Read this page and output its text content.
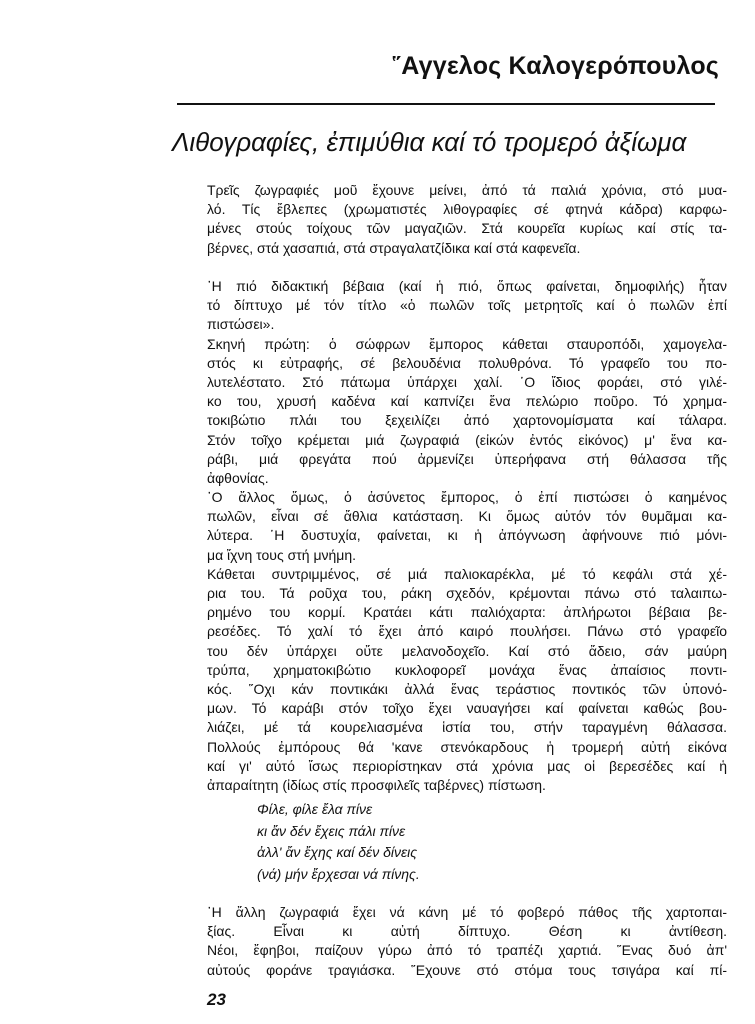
῞Αγγελος Καλογερόπουλος
Λιθογραφίες, ἐπιμύθια καί τό τρομερό ἀξίωμα
Τρεῖς ζωγραφιές μοῦ ἔχουνε μείνει, ἀπό τά παλιά χρόνια, στό μυα-
λό. Τίς ἔβλεπες (χρωματιστές λιθογραφίες σέ φτηνά κάδρα) καρφω-
μένες στούς τοίχους τῶν μαγαζιῶν. Στά κουρεῖα κυρίως καί στίς τα-
βέρνες, στά χασαπιά, στά στραγαλατζίδικα καί στά καφενεῖα.
῾Η πιό διδακτική βέβαια (καί ἡ πιό, ὅπως φαίνεται, δημοφιλής) ἦταν
τό δίπτυχο μέ τόν τίτλο «ὁ πωλῶν τοῖς μετρητοῖς καί ὁ πωλῶν ἐπί
πιστώσει».
Σκηνή πρώτη: ὁ σώφρων ἔμπορος κάθεται σταυροπόδι, χαμογελα-
στός κι εὐτραφής, σέ βελουδένια πολυθρόνα. Τό γραφεῖο του πο-
λυτελέστατο. Στό πάτωμα ὑπάρχει χαλί. ῾Ο ἴδιος φοράει, στό γιλέ-
κο του, χρυσή καδένα καί καπνίζει ἕνα πελώριο ποῦρο. Τό χρημα-
τοκιβώτιο πλάι του ξεχειλίζει ἀπό χαρτονομίσματα καί τάλαρα.
Στόν τοῖχο κρέμεται μιά ζωγραφιά (εἰκών ἐντός εἰκόνος) μ' ἕνα κα-
ράβι, μιά φρεγάτα πού ἀρμενίζει ὑπερήφανα στή θάλασσα τῆς
ἀφθονίας.
῾Ο ἄλλος ὅμως, ὁ ἀσύνετος ἔμπορος, ὁ ἐπί πιστώσει ὁ καημένος
πωλῶν, εἶναι σέ ἄθλια κατάσταση. Κι ὅμως αὐτόν τόν θυμᾶμαι κα-
λύτερα. ῾Η δυστυχία, φαίνεται, κι ἡ ἀπόγνωση ἀφήνουνε πιό μόνι-
μα ἴχνη τους στή μνήμη.
Κάθεται συντριμμένος, σέ μιά παλιοκαρέκλα, μέ τό κεφάλι στά χέ-
ρια του. Τά ροῦχα του, ράκη σχεδόν, κρέμονται πάνω στό ταλαιπω-
ρημένο του κορμί. Κρατάει κάτι παλιόχαρτα: ἀπλήρωτοι βέβαια βε-
ρεσέδες. Τό χαλί τό ἔχει ἀπό καιρό πουλήσει. Πάνω στό γραφεῖο
του δέν ὑπάρχει οὔτε μελανοδοχεῖο. Καί στό ἄδειο, σάν μαύρη
τρύπα, χρηματοκιβώτιο κυκλοφορεῖ μονάχα ἕνας ἀπαίσιος ποντι-
κός. ῞Οχι κάν ποντικάκι ἀλλά ἕνας τεράστιος ποντικός τῶν ὑπονό-
μων. Τό καράβι στόν τοῖχο ἔχει ναυαγήσει καί φαίνεται καθώς βου-
λιάζει, μέ τά κουρελιασμένα ἱστία του, στήν ταραγμένη θάλασσα.
Πολλούς ἐμπόρους θά 'κανε στενόκαρδους ἡ τρομερή αὐτή εἰκόνα
καί γι' αὐτό ἴσως περιορίστηκαν στά χρόνια μας οἱ βερεσέδες καί ἡ
ἀπαραίτητη (ἰδίως στίς προσφιλεῖς ταβέρνες) πίστωση.
Φίλε, φίλε ἔλα πίνε
κι ἄν δέν ἔχεις πάλι πίνε
ἀλλ' ἄν ἔχης καί δέν δίνεις
(νά) μήν ἔρχεσαι νά πίνης.
῾Η ἄλλη ζωγραφιά ἔχει νά κάνη μέ τό φοβερό πάθος τῆς χαρτοπαι-
ξίας. Εἶναι κι αὐτή δίπτυχο. Θέση κι ἀντίθεση.
Νέοι, ἔφηβοι, παίζουν γύρω ἀπό τό τραπέζι χαρτιά. ῞Ενας δυό ἀπ'
αὐτούς φοράνε τραγιάσκα. ῞Εχουνε στό στόμα τους τσιγάρα καί πί-
23
